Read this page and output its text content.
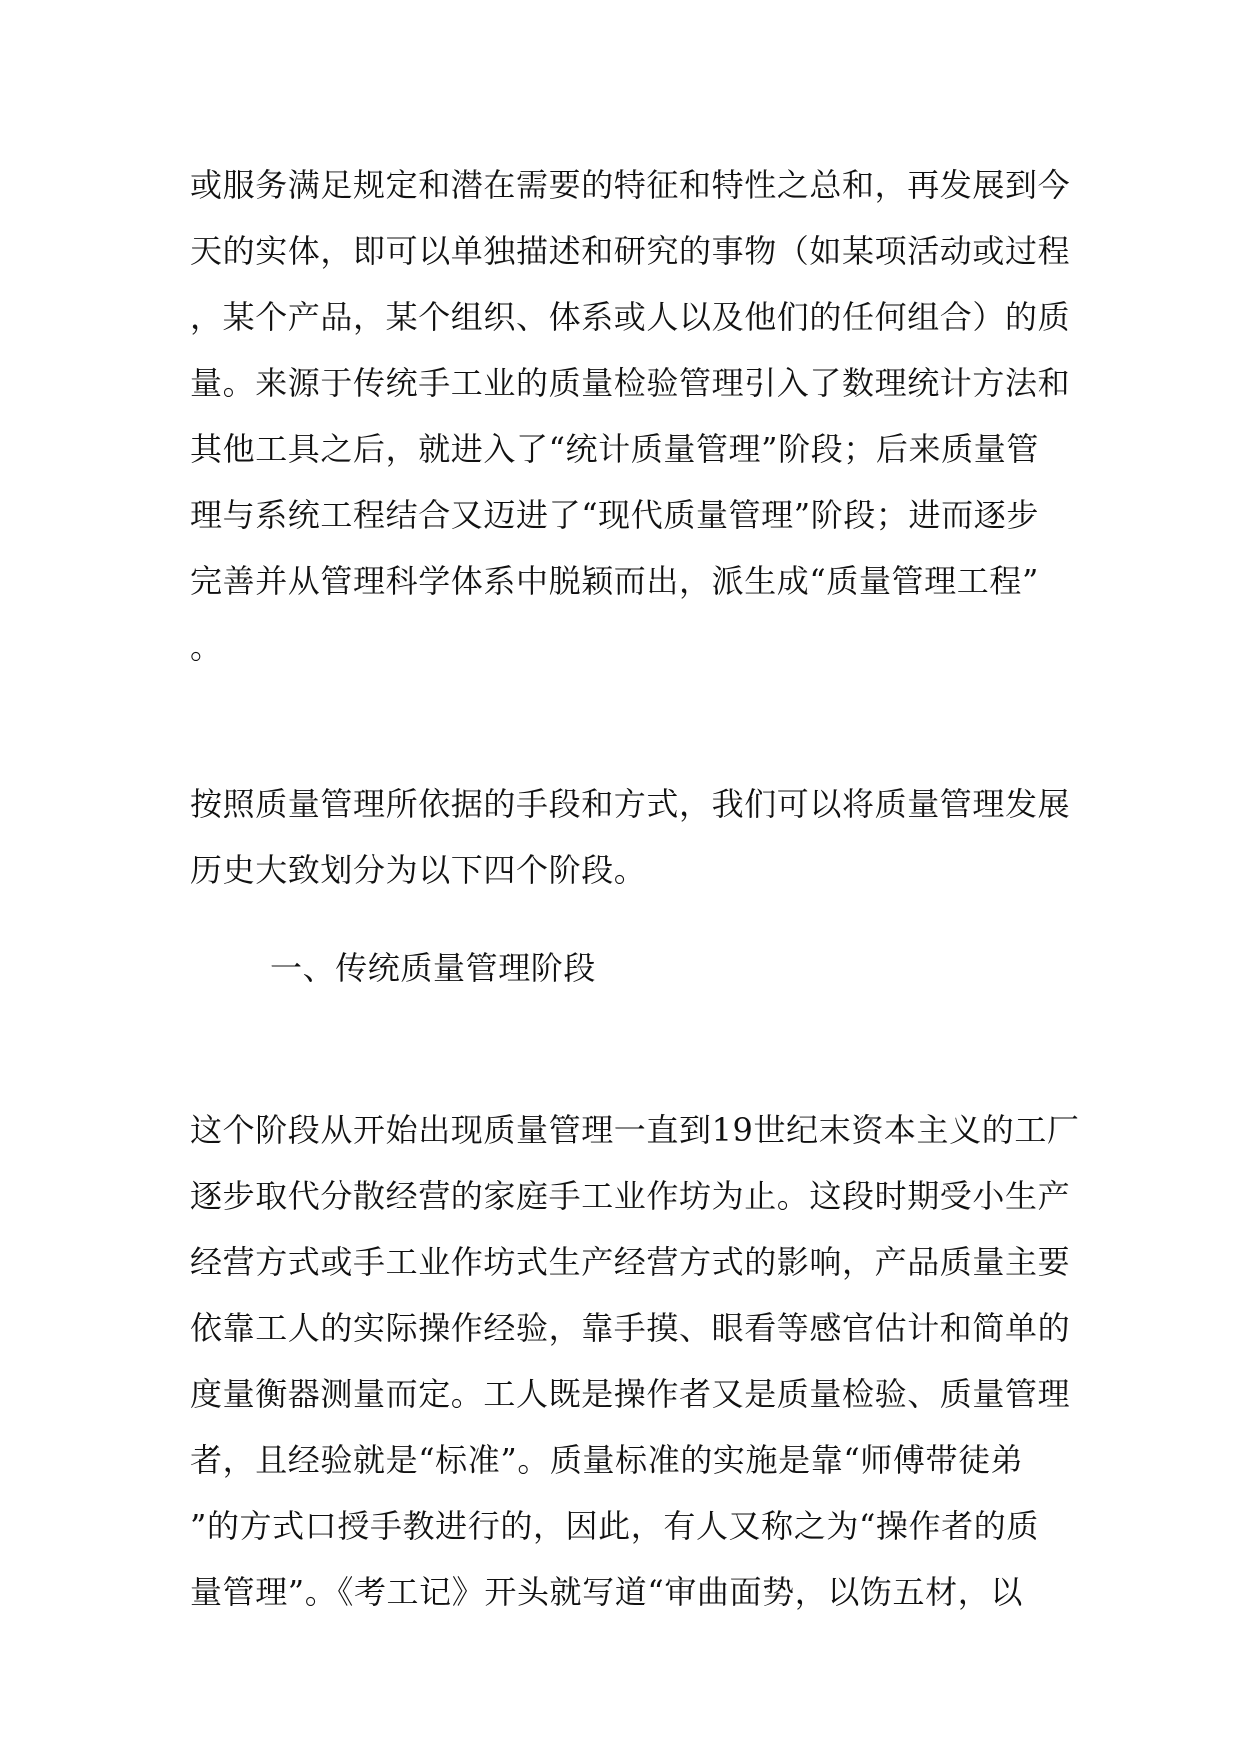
或服务满足规定和潜在需要的特征和特性之总和，再发展到今
天的实体，即可以单独描述和研究的事物（如某项活动或过程
，某个产品，某个组织、体系或人以及他们的任何组合）的质
量。来源于传统手工业的质量检验管理引入了数理统计方法和
其他工具之后，就进入了“统计质量管理”阶段；后来质量管
理与系统工程结合又迈进了“现代质量管理”阶段；进而逐步
完善并从管理科学体系中脱颖而出，派生成“质量管理工程”
。
按照质量管理所依据的手段和方式，我们可以将质量管理发展
历史大致划分为以下四个阶段。
一、传统质量管理阶段
这个阶段从开始出现质量管理一直到19世纪末资本主义的工厂
逐步取代分散经营的家庭手工业作坊为止。这段时期受小生产
经营方式或手工业作坊式生产经营方式的影响，产品质量主要
依靠工人的实际操作经验，靠手摸、眼看等感官估计和简单的
度量衡器测量而定。工人既是操作者又是质量检验、质量管理
者，且经验就是“标准”。质量标准的实施是靠“师傅带徒弟
”的方式口授手教进行的，因此，有人又称之为“操作者的质
量管理”。《考工记》开头就写道“审曲面势，以饬五材，以
